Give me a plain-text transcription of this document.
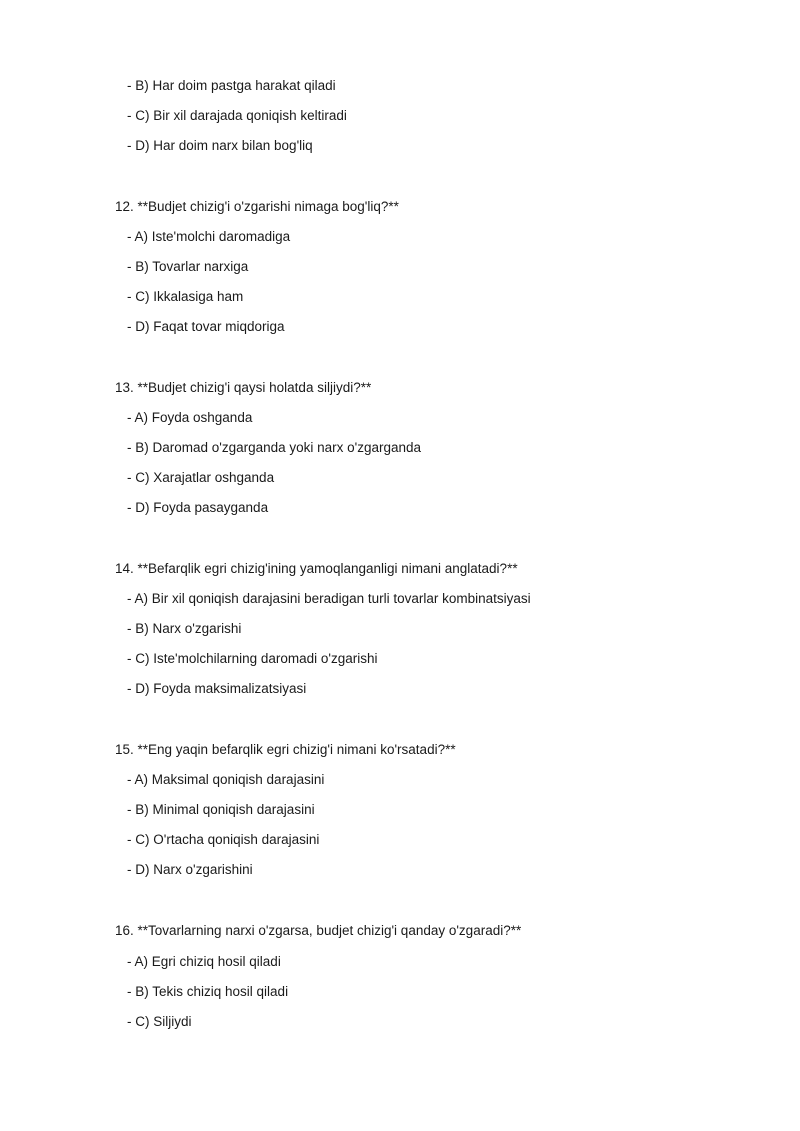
- B) Har doim pastga harakat qiladi
- C) Bir xil darajada qoniqish keltiradi
- D) Har doim narx bilan bog'liq
12. **Budjet chizig'i o'zgarishi nimaga bog'liq?**
- A) Iste'molchi daromadiga
- B) Tovarlar narxiga
- C) Ikkalasiga ham
- D) Faqat tovar miqdoriga
13. **Budjet chizig'i qaysi holatda siljiydi?**
- A) Foyda oshganda
- B) Daromad o'zgarganda yoki narx o'zgarganda
- C) Xarajatlar oshganda
- D) Foyda pasayganda
14. **Befarqlik egri chizig'ining yamoqlanganligi nimani anglatadi?**
- A) Bir xil qoniqish darajasini beradigan turli tovarlar kombinatsiyasi
- B) Narx o'zgarishi
- C) Iste'molchilarning daromadi o'zgarishi
- D) Foyda maksimalizatsiyasi
15. **Eng yaqin befarqlik egri chizig'i nimani ko'rsatadi?**
- A) Maksimal qoniqish darajasini
- B) Minimal qoniqish darajasini
- C) O'rtacha qoniqish darajasini
- D) Narx o'zgarishini
16. **Tovarlarning narxi o'zgarsa, budjet chizig'i qanday o'zgaradi?**
- A) Egri chiziq hosil qiladi
- B) Tekis chiziq hosil qiladi
- C) Siljiydi
